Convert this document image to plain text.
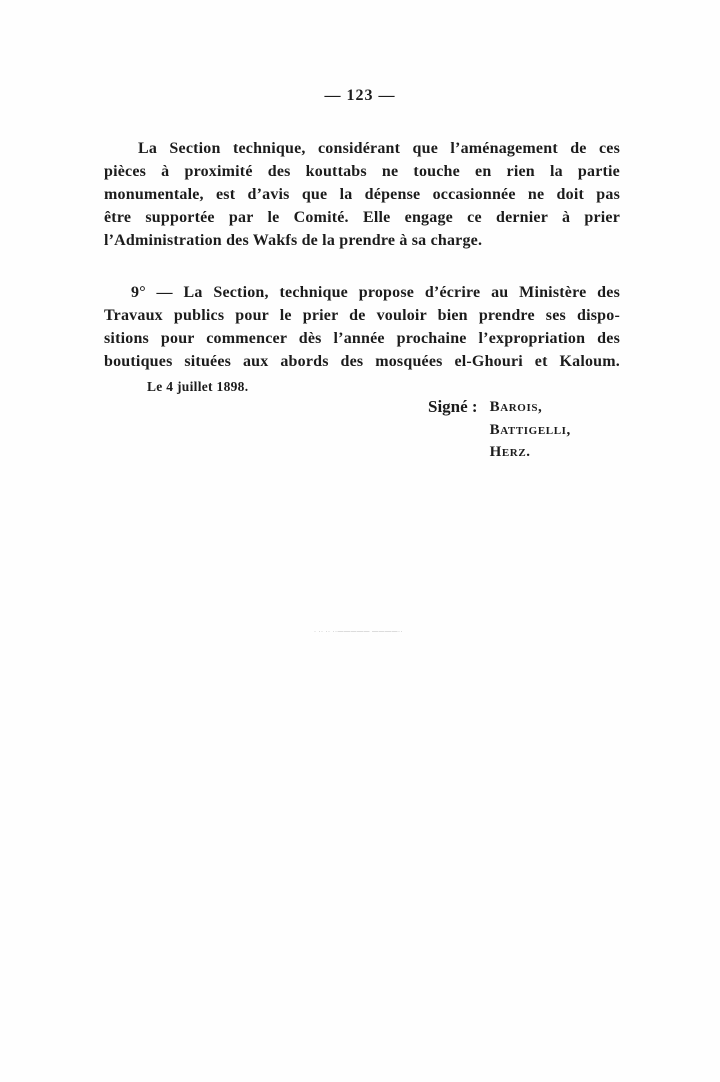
— 123 —

La Section technique, considérant que l’aménagement de ces
pièces à proximité des kouttabs ne touche en rien la partie
monumentale, est d’avis que la dépense occasionnée ne doit pas
être supportée par le Comité. Elle engage ce dernier à prier
l’Administration des Wakfs de la prendre à sa charge.

9° — La Section, technique propose d’écrire au Ministère des
Travaux publics pour le prier de vouloir bien prendre ses dispo-
sitions pour commencer dès l’année prochaine l’expropriation des
boutiques situées aux abords des mosquées el-Ghouri et Kaloum.

Le 4 juillet 1898.
Signé : Barois,
Battigelli,
Herz.
· ·· ·· ··————— ————··
